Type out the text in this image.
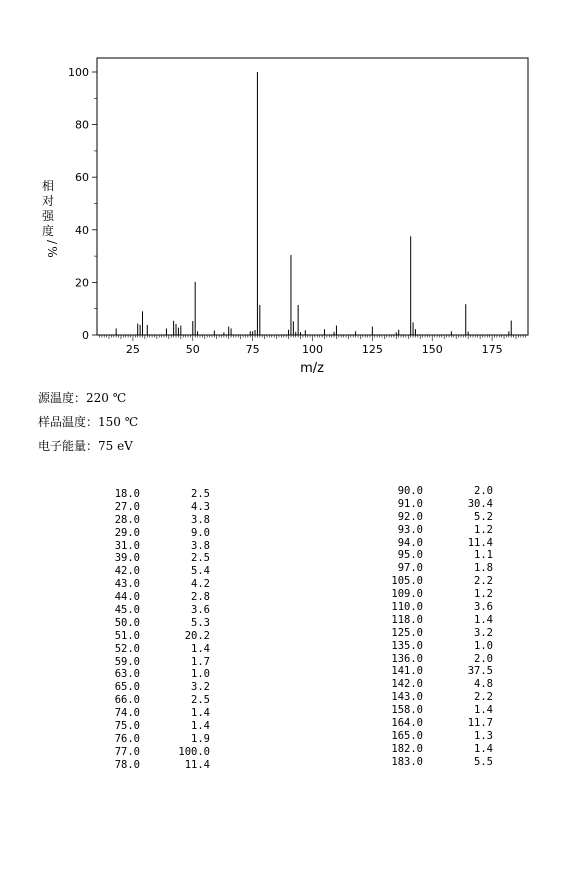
相
对
强
度
/
%
m/z
25	50	75	100	125	150	175
0
20
40
60
80
100
源温度：220 ℃
样品温度：150 ℃
电子能量：75 eV
18.0	2.5
27.0	4.3
28.0	3.8
29.0	9.0
31.0	3.8
39.0	2.5
42.0	5.4
43.0	4.2
44.0	2.8
45.0	3.6
50.0	5.3
51.0	20.2
52.0	1.4
59.0	1.7
63.0	1.0
65.0	3.2
66.0	2.5
74.0	1.4
75.0	1.4
76.0	1.9
77.0	100.0
78.0	11.4
90.0	2.0
91.0	30.4
92.0	5.2
93.0	1.2
94.0	11.4
95.0	1.1
97.0	1.8
105.0	2.2
109.0	1.2
110.0	3.6
118.0	1.4
125.0	3.2
135.0	1.0
136.0	2.0
141.0	37.5
142.0	4.8
143.0	2.2
158.0	1.4
164.0	11.7
165.0	1.3
182.0	1.4
183.0	5.5
